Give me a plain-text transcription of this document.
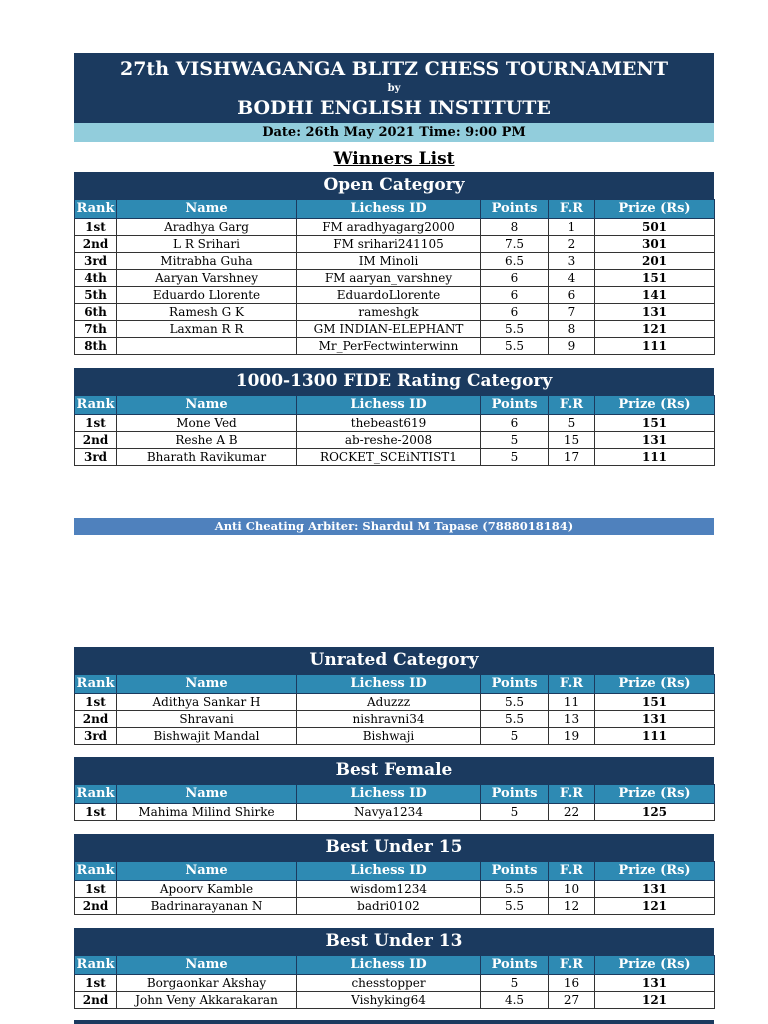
27th VISHWAGANGA BLITZ CHESS TOURNAMENT
by
BODHI ENGLISH INSTITUTE
Date: 26th May 2021 Time: 9:00 PM
Winners List
Open Category
Rank	Name	Lichess ID	Points	F.R	Prize (Rs)
1st	Aradhya Garg	FM aradhyagarg2000	8	1	501
2nd	L R Srihari	FM srihari241105	7.5	2	301
3rd	Mitrabha Guha	IM Minoli	6.5	3	201
4th	Aaryan Varshney	FM aaryan_varshney	6	4	151
5th	Eduardo Llorente	EduardoLlorente	6	6	141
6th	Ramesh G K	rameshgk	6	7	131
7th	Laxman R R	GM INDIAN-ELEPHANT	5.5	8	121
8th		Mr_PerFectwinterwinn	5.5	9	111
1000-1300 FIDE Rating Category
Rank	Name	Lichess ID	Points	F.R	Prize (Rs)
1st	Mone Ved	thebeast619	6	5	151
2nd	Reshe A B	ab-reshe-2008	5	15	131
3rd	Bharath Ravikumar	ROCKET_SCEiNTIST1	5	17	111
Unrated Category
Rank	Name	Lichess ID	Points	F.R	Prize (Rs)
1st	Adithya Sankar H	Aduzzz	5.5	11	151
2nd	Shravani	nishravni34	5.5	13	131
3rd	Bishwajit Mandal	Bishwaji	5	19	111
Best Female
Rank	Name	Lichess ID	Points	F.R	Prize (Rs)
1st	Mahima Milind Shirke	Navya1234	5	22	125
Best Under 15
Rank	Name	Lichess ID	Points	F.R	Prize (Rs)
1st	Apoorv Kamble	wisdom1234	5.5	10	131
2nd	Badrinarayanan N	badri0102	5.5	12	121
Best Under 13
Rank	Name	Lichess ID	Points	F.R	Prize (Rs)
1st	Borgaonkar Akshay	chesstopper	5	16	131
2nd	John Veny Akkarakaran	Vishyking64	4.5	27	121
Anti Cheating Arbiter: Shardul M Tapase (7888018184)
